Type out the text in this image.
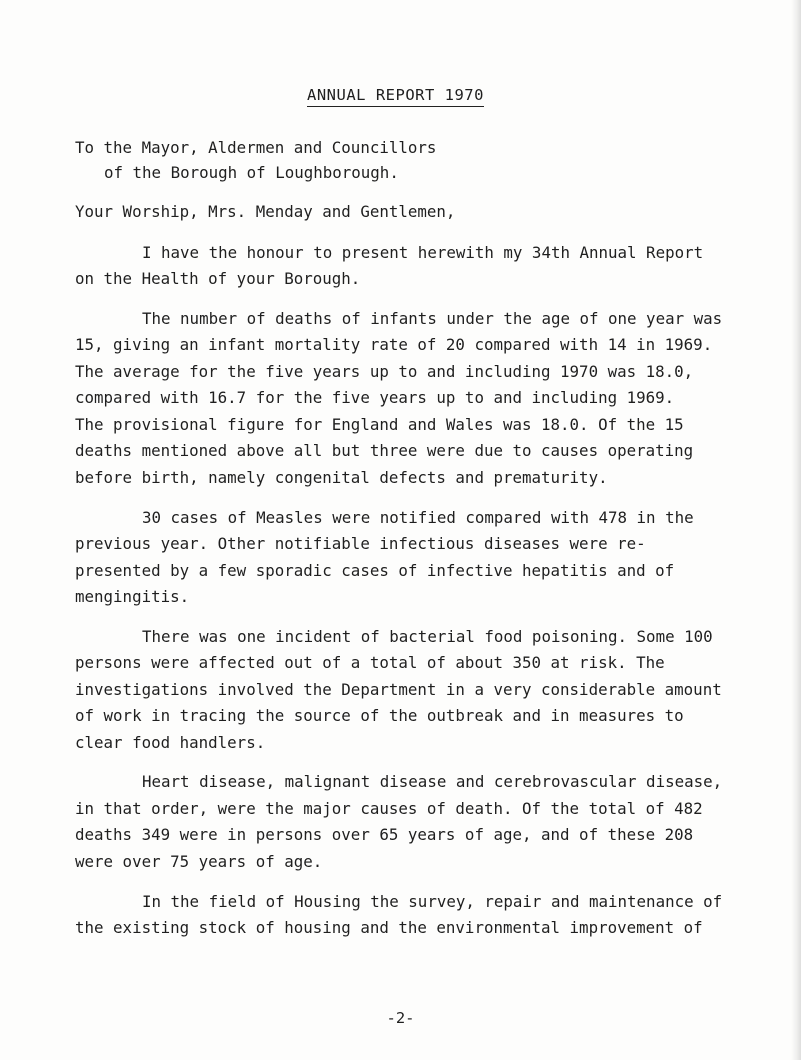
ANNUAL REPORT 1970
To the Mayor, Aldermen and Councillors
of the Borough of Loughborough.
Your Worship, Mrs. Menday and Gentlemen,
I have the honour to present herewith my 34th Annual Report
on the Health of your Borough.
The number of deaths of infants under the age of one year was
15, giving an infant mortality rate of 20 compared with 14 in 1969.
The average for the five years up to and including 1970 was 18.0,
compared with 16.7 for the five years up to and including 1969.
The provisional figure for England and Wales was 18.0. Of the 15
deaths mentioned above all but three were due to causes operating
before birth, namely congenital defects and prematurity.
30 cases of Measles were notified compared with 478 in the
previous year. Other notifiable infectious diseases were re-
presented by a few sporadic cases of infective hepatitis and of
mengingitis.
There was one incident of bacterial food poisoning. Some 100
persons were affected out of a total of about 350 at risk. The
investigations involved the Department in a very considerable amount
of work in tracing the source of the outbreak and in measures to
clear food handlers.
Heart disease, malignant disease and cerebrovascular disease,
in that order, were the major causes of death. Of the total of 482
deaths 349 were in persons over 65 years of age, and of these 208
were over 75 years of age.
In the field of Housing the survey, repair and maintenance of
the existing stock of housing and the environmental improvement of
-2-
